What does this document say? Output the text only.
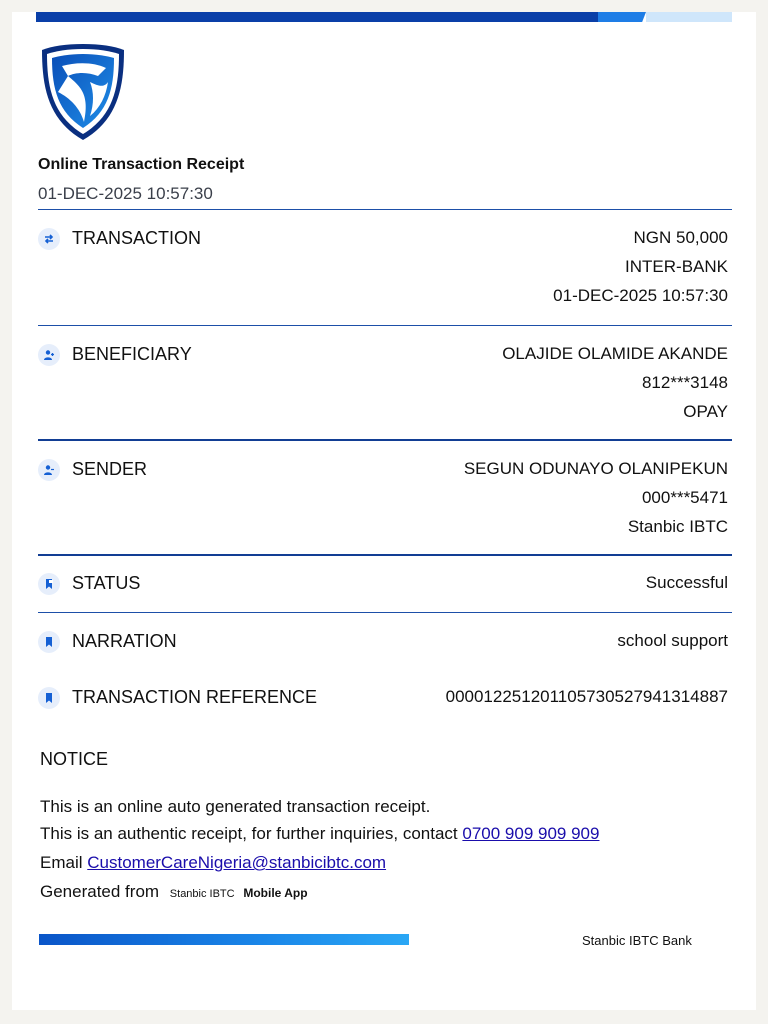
Online Transaction Receipt
01-DEC-2025 10:57:30
TRANSACTION	NGN 50,000
INTER-BANK
01-DEC-2025 10:57:30
BENEFICIARY	OLAJIDE OLAMIDE AKANDE
812***3148
OPAY
SENDER	SEGUN ODUNAYO OLANIPEKUN
000***5471
Stanbic IBTC
STATUS	Successful
NARRATION	school support
TRANSACTION REFERENCE	000012251201105730527941314887
NOTICE
This is an online auto generated transaction receipt.
This is an authentic receipt, for further inquiries, contact 0700 909 909 909
Email CustomerCareNigeria@stanbicibtc.com
Generated from Stanbic IBTC Mobile App
Stanbic IBTC Bank
